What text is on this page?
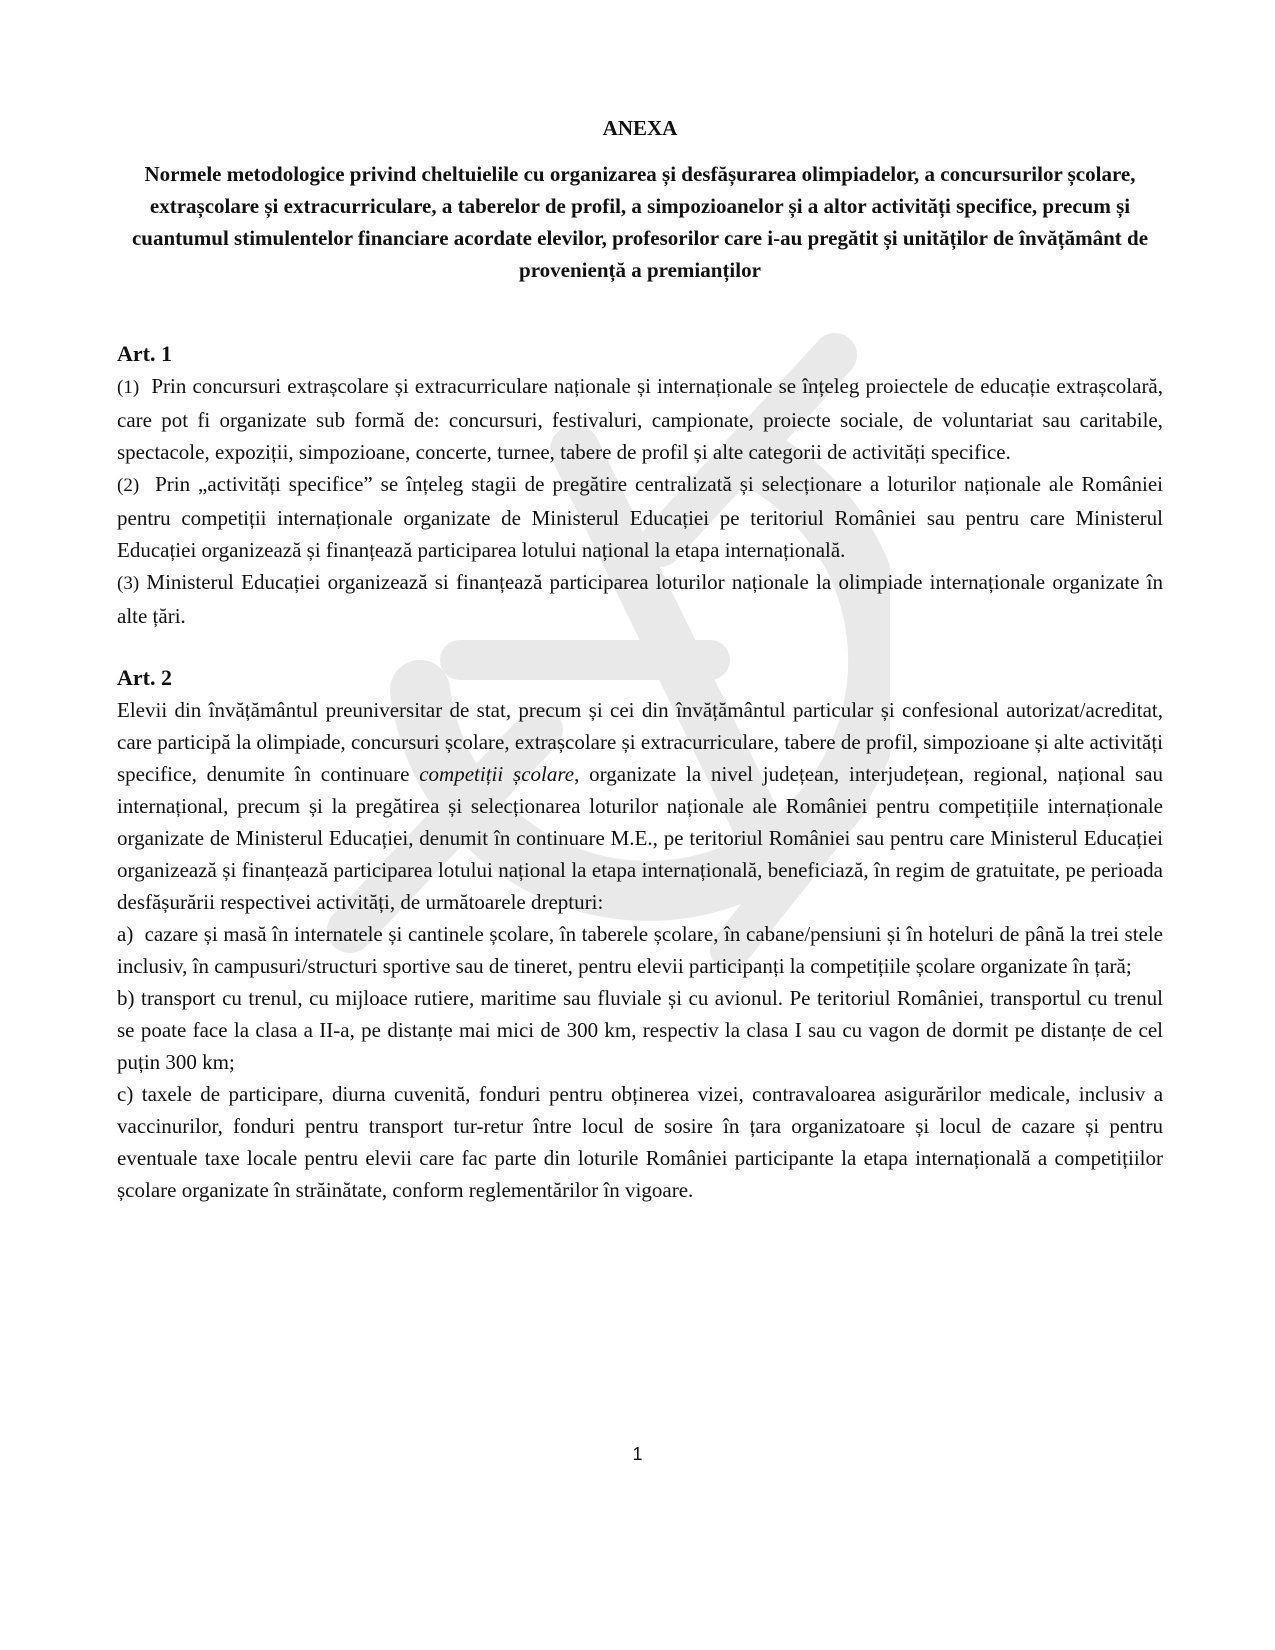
ANEXA

Normele metodologice privind cheltuielile cu organizarea și desfășurarea olimpiadelor, a concursurilor școlare, extrașcolare și extracurriculare, a taberelor de profil, a simpozioanelor și a altor activități specifice, precum și cuantumul stimulentelor financiare acordate elevilor, profesorilor care i-au pregătit și unităților de învățământ de proveniență a premianților

Art. 1

(1) Prin concursuri extrașcolare și extracurriculare naționale și internaționale se înțeleg proiectele de educație extrașcolară, care pot fi organizate sub formă de: concursuri, festivaluri, campionate, proiecte sociale, de voluntariat sau caritabile, spectacole, expoziții, simpozioane, concerte, turnee, tabere de profil și alte categorii de activități specifice.

(2) Prin „activități specifice” se înțeleg stagii de pregătire centralizată și selecționare a loturilor naționale ale României pentru competiții internaționale organizate de Ministerul Educației pe teritoriul României sau pentru care Ministerul Educației organizează și finanțează participarea lotului național la etapa internațională.

(3) Ministerul Educației organizează si finanțează participarea loturilor naționale la olimpiade internaționale organizate în alte țări.

Art. 2

Elevii din învățământul preuniversitar de stat, precum și cei din învățământul particular și confesional autorizat/acreditat, care participă la olimpiade, concursuri școlare, extrașcolare și extracurriculare, tabere de profil, simpozioane și alte activități specifice, denumite în continuare competiții școlare, organizate la nivel județean, interjudețean, regional, național sau internațional, precum și la pregătirea și selecționarea loturilor naționale ale României pentru competițiile internaționale organizate de Ministerul Educației, denumit în continuare M.E., pe teritoriul României sau pentru care Ministerul Educației organizează și finanțează participarea lotului național la etapa internațională, beneficiază, în regim de gratuitate, pe perioada desfășurării respectivei activități, de următoarele drepturi:

a) cazare și masă în internatele și cantinele școlare, în taberele școlare, în cabane/pensiuni și în hoteluri de până la trei stele inclusiv, în campusuri/structuri sportive sau de tineret, pentru elevii participanți la competițiile școlare organizate în țară;

b) transport cu trenul, cu mijloace rutiere, maritime sau fluviale și cu avionul. Pe teritoriul României, transportul cu trenul se poate face la clasa a II-a, pe distanțe mai mici de 300 km, respectiv la clasa I sau cu vagon de dormit pe distanțe de cel puțin 300 km;

c) taxele de participare, diurna cuvenită, fonduri pentru obținerea vizei, contravaloarea asigurărilor medicale, inclusiv a vaccinurilor, fonduri pentru transport tur-retur între locul de sosire în țara organizatoare și locul de cazare și pentru eventuale taxe locale pentru elevii care fac parte din loturile României participante la etapa internațională a competițiilor școlare organizate în străinătate, conform reglementărilor în vigoare.

1
